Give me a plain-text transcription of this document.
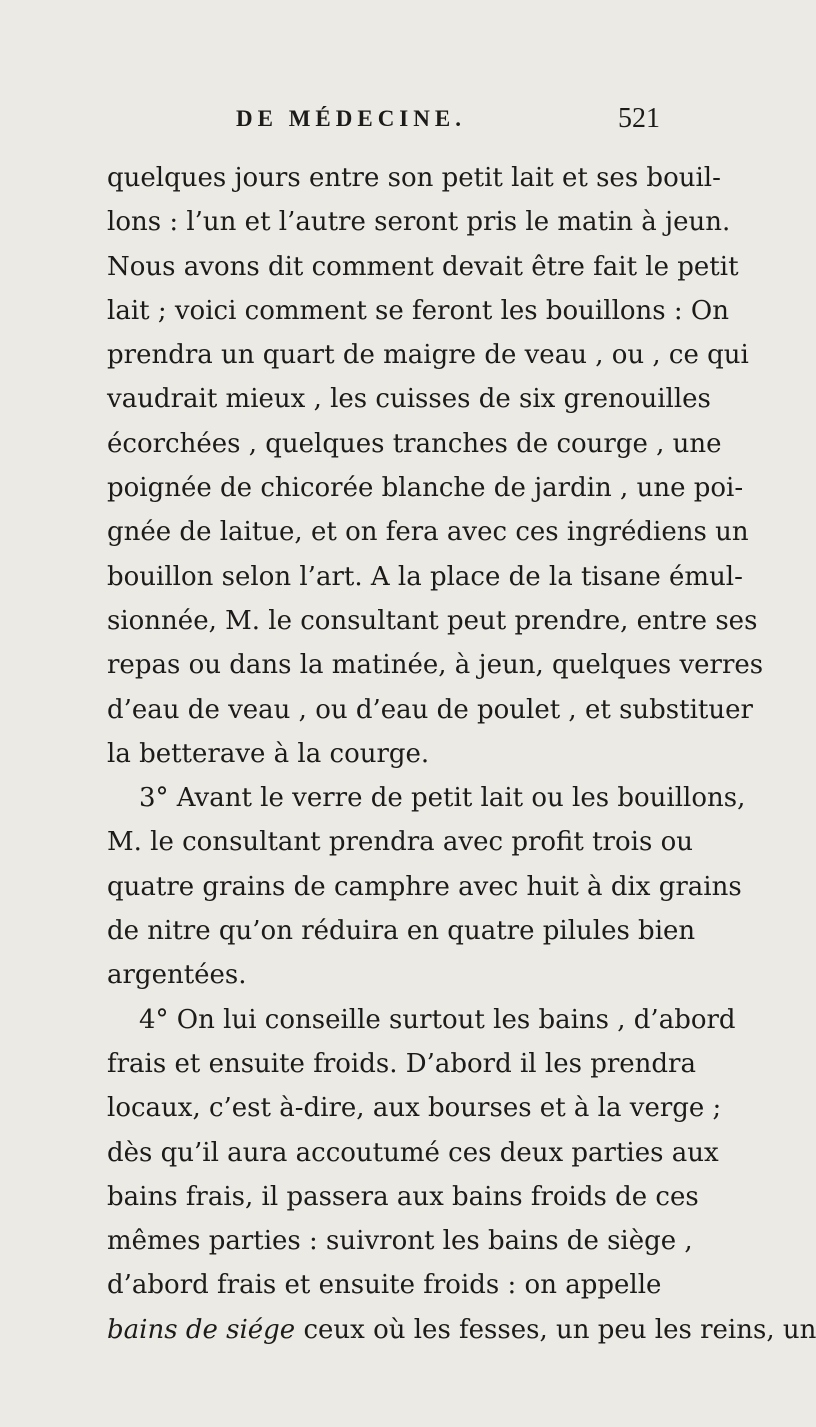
DE MÉDECINE.	521
quelques jours entre son petit lait et ses bouil-
lons : l’un et l’autre seront pris le matin à jeun.
Nous avons dit comment devait être fait le petit
lait ; voici comment se feront les bouillons : On
prendra un quart de maigre de veau , ou , ce qui
vaudrait mieux , les cuisses de six grenouilles
écorchées , quelques tranches de courge , une
poignée de chicorée blanche de jardin , une poi-
gnée de laitue, et on fera avec ces ingrédiens un
bouillon selon l’art. A la place de la tisane émul-
sionnée, M. le consultant peut prendre, entre ses
repas ou dans la matinée, à jeun, quelques verres
d’eau de veau , ou d’eau de poulet , et substituer
la betterave à la courge.
3° Avant le verre de petit lait ou les bouillons,
M. le consultant prendra avec profit trois ou
quatre grains de camphre avec huit à dix grains
de nitre qu’on réduira en quatre pilules bien
argentées.
4° On lui conseille surtout les bains , d’abord
frais et ensuite froids. D’abord il les prendra
locaux, c’est à-dire, aux bourses et à la verge ;
dès qu’il aura accoutumé ces deux parties aux
bains frais, il passera aux bains froids de ces
mêmes parties : suivront les bains de siège ,
d’abord frais et ensuite froids : on appelle
bains de siége ceux où les fesses, un peu les reins, un
